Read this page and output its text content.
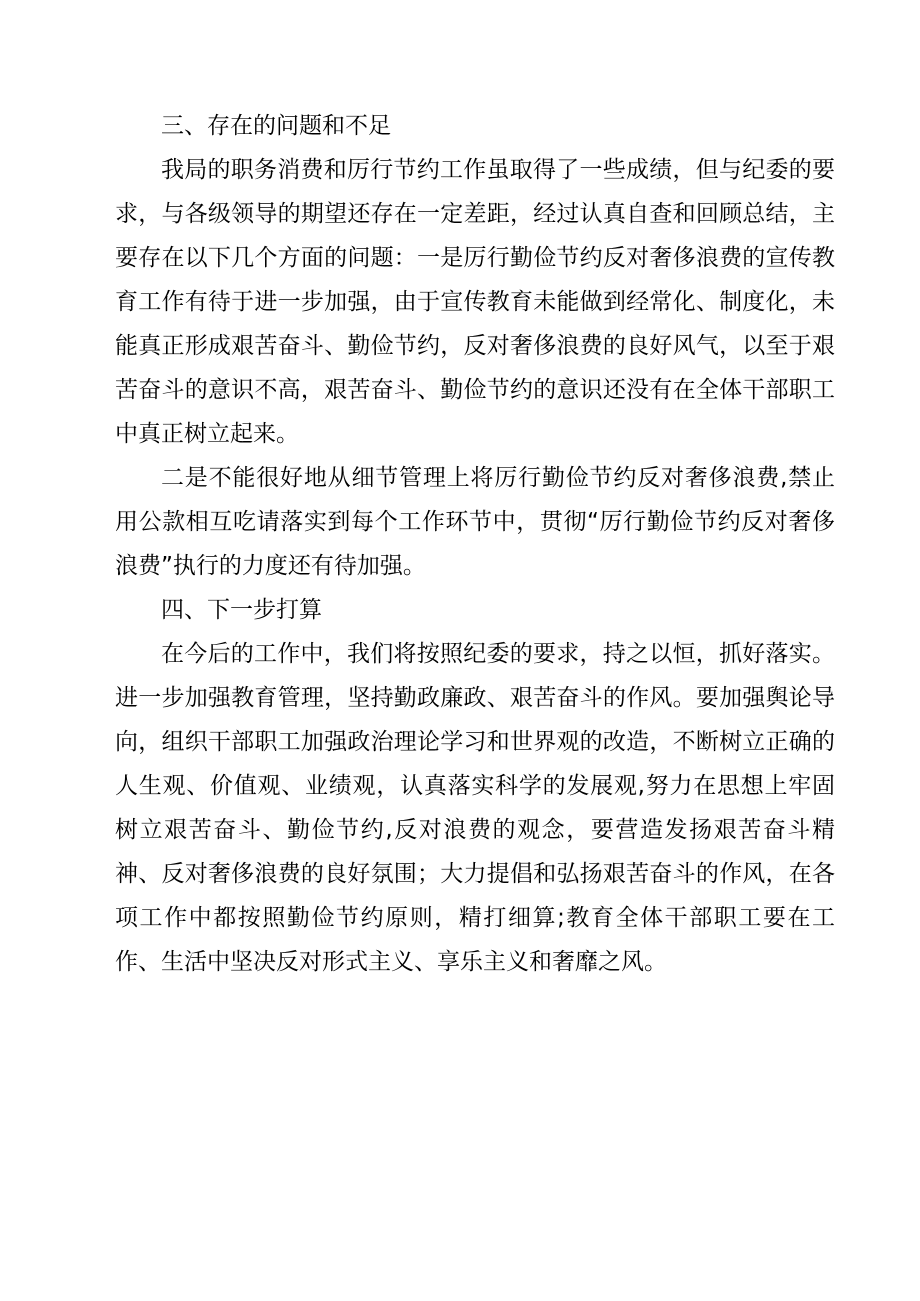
三、存在的问题和不足

我局的职务消费和厉行节约工作虽取得了一些成绩，但与纪委的要求，与各级领导的期望还存在一定差距，经过认真自查和回顾总结，主要存在以下几个方面的问题：一是厉行勤俭节约反对奢侈浪费的宣传教育工作有待于进一步加强，由于宣传教育未能做到经常化、制度化，未能真正形成艰苦奋斗、勤俭节约，反对奢侈浪费的良好风气，以至于艰苦奋斗的意识不高，艰苦奋斗、勤俭节约的意识还没有在全体干部职工中真正树立起来。

二是不能很好地从细节管理上将厉行勤俭节约反对奢侈浪费,禁止用公款相互吃请落实到每个工作环节中，贯彻“厉行勤俭节约反对奢侈浪费”执行的力度还有待加强。

四、下一步打算

在今后的工作中，我们将按照纪委的要求，持之以恒，抓好落实。进一步加强教育管理，坚持勤政廉政、艰苦奋斗的作风。要加强舆论导向，组织干部职工加强政治理论学习和世界观的改造，不断树立正确的人生观、价值观、业绩观，认真落实科学的发展观,努力在思想上牢固树立艰苦奋斗、勤俭节约,反对浪费的观念，要营造发扬艰苦奋斗精神、反对奢侈浪费的良好氛围；大力提倡和弘扬艰苦奋斗的作风，在各项工作中都按照勤俭节约原则，精打细算;教育全体干部职工要在工作、生活中坚决反对形式主义、享乐主义和奢靡之风。
